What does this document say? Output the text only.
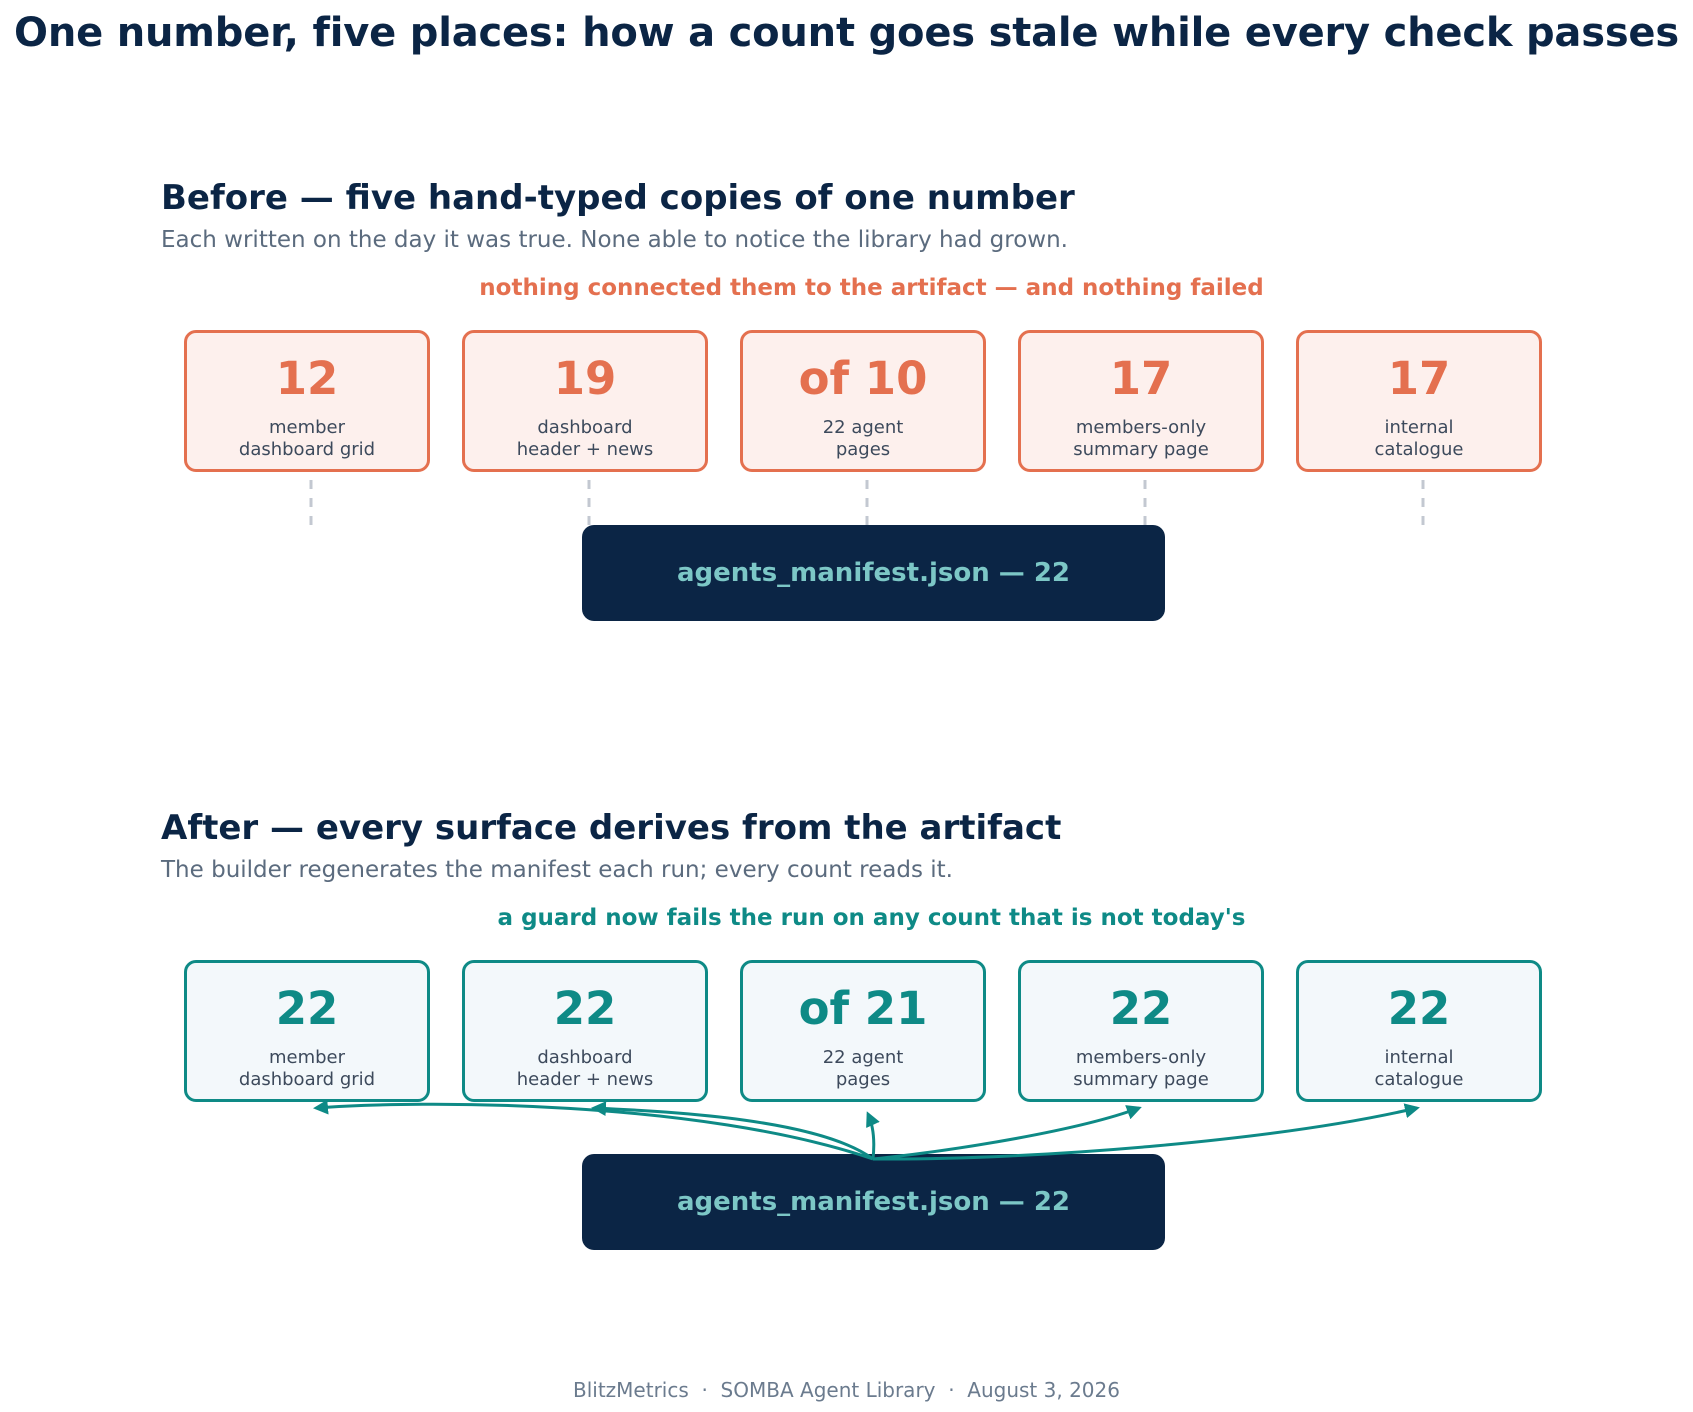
One number, five places: how a count goes stale while every check passes
Before — five hand-typed copies of one number
Each written on the day it was true. None able to notice the library had grown.
nothing connected them to the artifact — and nothing failed
12
member
dashboard grid
19
dashboard
header + news
of 10
22 agent
pages
17
members-only
summary page
17
internal
catalogue
agents_manifest.json — 22
After — every surface derives from the artifact
The builder regenerates the manifest each run; every count reads it.
a guard now fails the run on any count that is not today's
22
member
dashboard grid
22
dashboard
header + news
of 21
22 agent
pages
22
members-only
summary page
22
internal
catalogue
agents_manifest.json — 22
BlitzMetrics  ·  SOMBA Agent Library  ·  August 3, 2026
